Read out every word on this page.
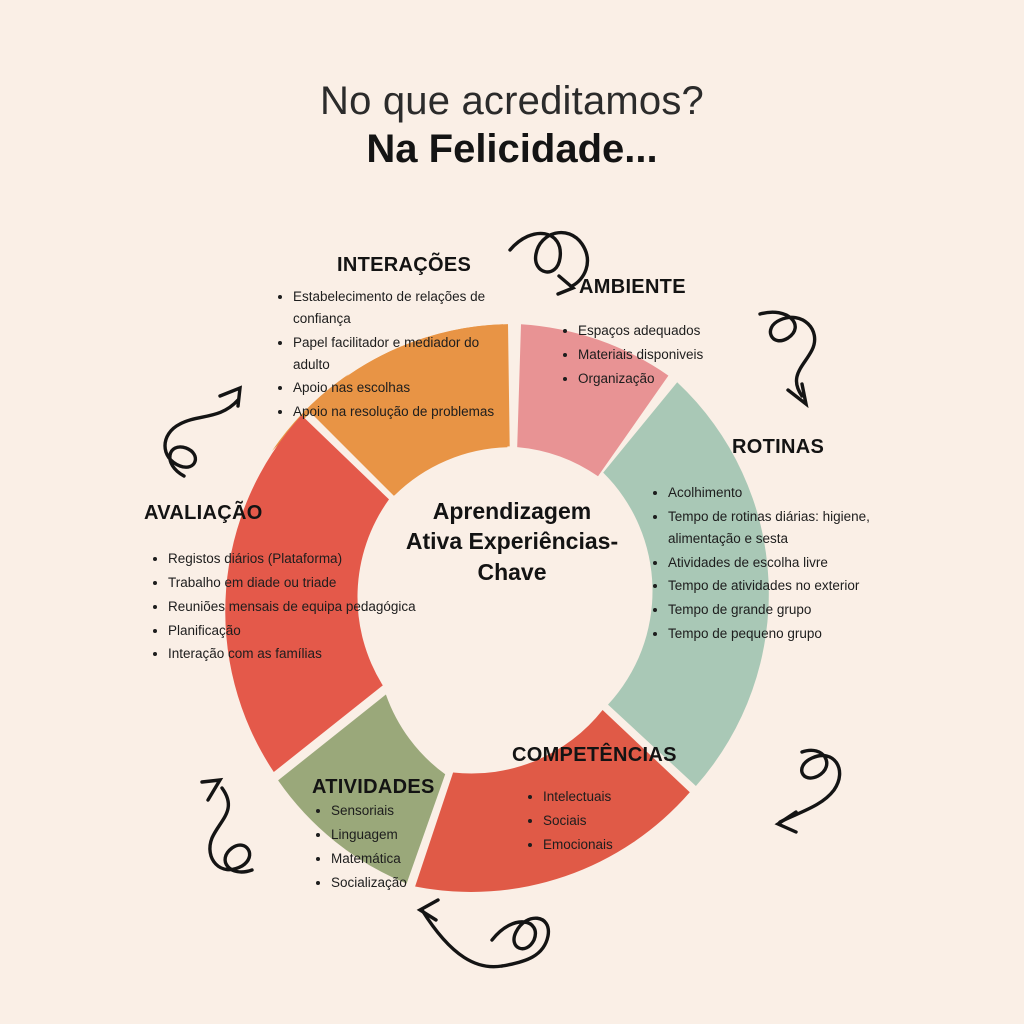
No que acreditamos?
Na Felicidade...
INTERAÇÕES
• Estabelecimento de relações de confiança
• Papel facilitador e mediador do adulto
• Apoio nas escolhas
• Apoio na resolução de problemas
AMBIENTE
• Espaços adequados
• Materiais disponiveis
• Organização
ROTINAS
• Acolhimento
• Tempo de rotinas diárias: higiene, alimentação e sesta
• Atividades de escolha livre
• Tempo de atividades no exterior
• Tempo de grande grupo
• Tempo de pequeno grupo
COMPETÊNCIAS
• Intelectuais
• Sociais
• Emocionais
ATIVIDADES
• Sensoriais
• Linguagem
• Matemática
• Socialização
AVALIAÇÃO
• Registos diários (Plataforma)
• Trabalho em diade ou triade
• Reuniões mensais de equipa pedagógica
• Planificação
• Interação com as famílias
Aprendizagem Ativa Experiências-Chave
